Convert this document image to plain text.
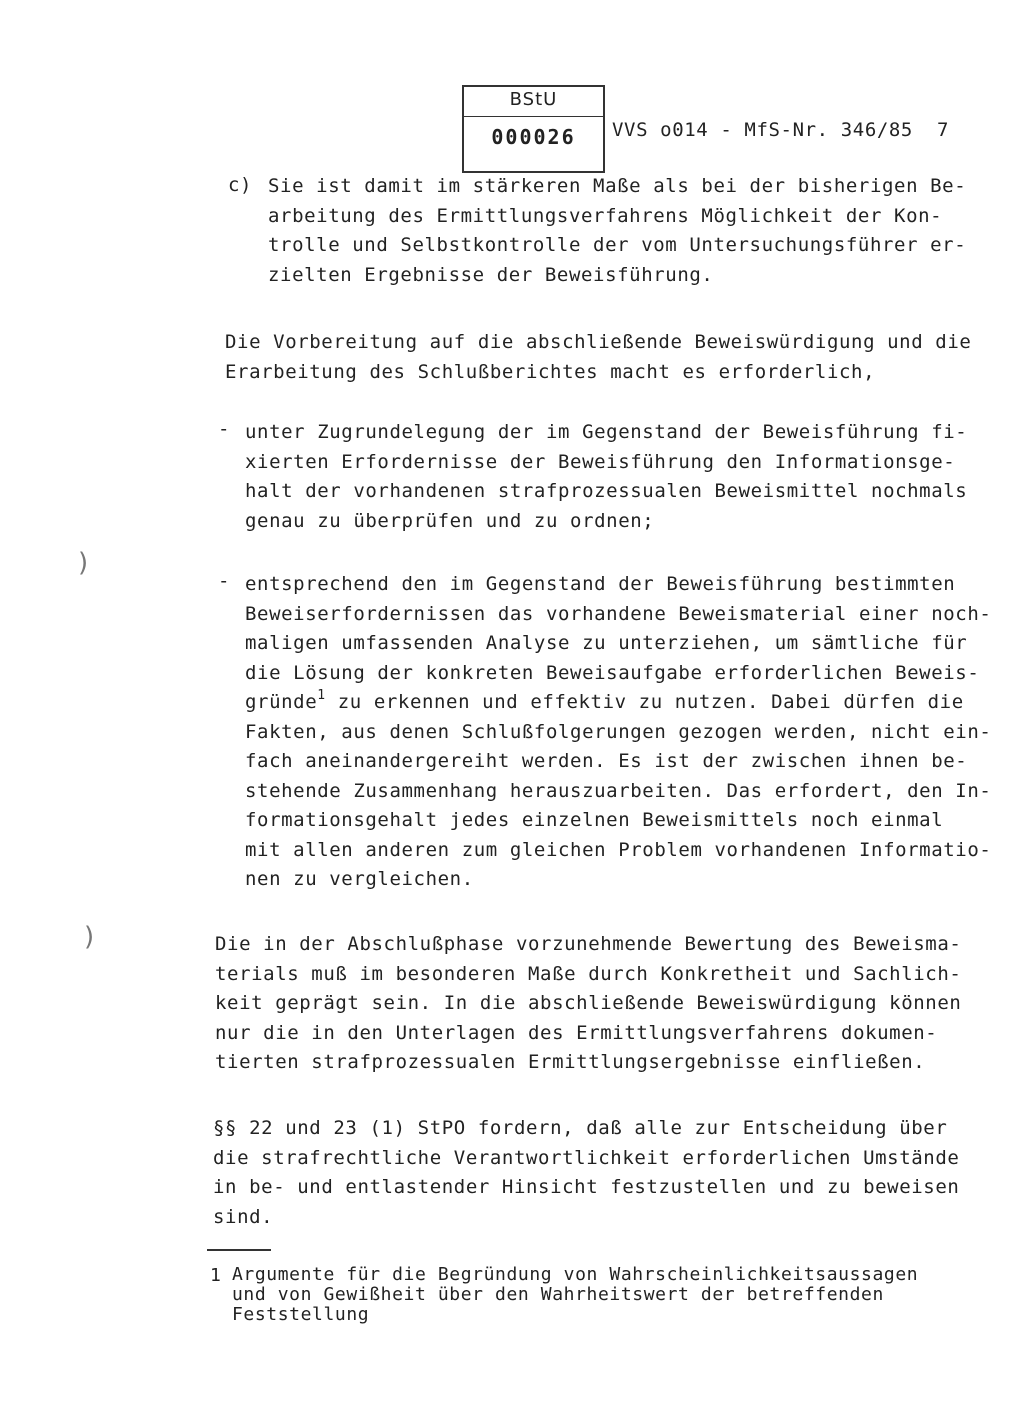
BStU
000026	VVS o014 - MfS-Nr. 346/85  7
c) Sie ist damit im stärkeren Maße als bei der bisherigen Be-
arbeitung des Ermittlungsverfahrens Möglichkeit der Kon-
trolle und Selbstkontrolle der vom Untersuchungsführer er-
zielten Ergebnisse der Beweisführung.
Die Vorbereitung auf die abschließende Beweiswürdigung und die
Erarbeitung des Schlußberichtes macht es erforderlich,
- unter Zugrundelegung der im Gegenstand der Beweisführung fi-
xierten Erfordernisse der Beweisführung den Informationsge-
halt der vorhandenen strafprozessualen Beweismittel nochmals
genau zu überprüfen und zu ordnen;
- entsprechend den im Gegenstand der Beweisführung bestimmten
Beweiserfordernissen das vorhandene Beweismaterial einer noch-
maligen umfassenden Analyse zu unterziehen, um sämtliche für
die Lösung der konkreten Beweisaufgabe erforderlichen Beweis-
gründe$^1$ zu erkennen und effektiv zu nutzen. Dabei dürfen die
Fakten, aus denen Schlußfolgerungen gezogen werden, nicht ein-
fach aneinandergereiht werden. Es ist der zwischen ihnen be-
stehende Zusammenhang herauszuarbeiten. Das erfordert, den In-
formationsgehalt jedes einzelnen Beweismittels noch einmal
mit allen anderen zum gleichen Problem vorhandenen Informatio-
nen zu vergleichen.
Die in der Abschlußphase vorzunehmende Bewertung des Beweisma-
terials muß im besonderen Maße durch Konkretheit und Sachlich-
keit geprägt sein. In die abschließende Beweiswürdigung können
nur die in den Unterlagen des Ermittlungsverfahrens dokumen-
tierten strafprozessualen Ermittlungsergebnisse einfließen.
§§ 22 und 23 (1) StPO fordern, daß alle zur Entscheidung über
die strafrechtliche Verantwortlichkeit erforderlichen Umstände
in be- und entlastender Hinsicht festzustellen und zu beweisen
sind.
1 Argumente für die Begründung von Wahrscheinlichkeitsaussagen
und von Gewißheit über den Wahrheitswert der betreffenden
Feststellung
)
)
